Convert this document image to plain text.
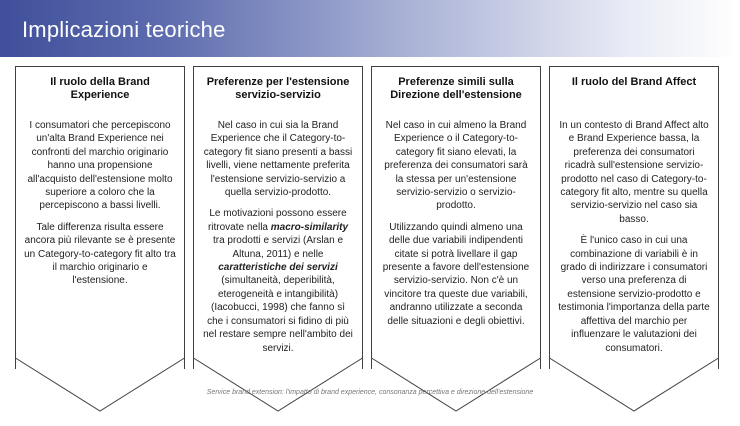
Implicazioni teoriche
Il ruolo della Brand Experience

I consumatori che percepiscono un'alta Brand Experience nei confronti del marchio originario hanno una propensione all'acquisto dell'estensione molto superiore a coloro che la percepiscono a bassi livelli.

Tale differenza risulta essere ancora più rilevante se è presente un Category-to-category fit alto tra il marchio originario e l'estensione.

Preferenze per l'estensione servizio-servizio

Nel caso in cui sia la Brand Experience che il Category-to-category fit siano presenti a bassi livelli, viene nettamente preferita l'estensione servizio-servizio a quella servizio-prodotto.

Le motivazioni possono essere ritrovate nella macro-similarity tra prodotti e servizi (Arslan e Altuna, 2011) e nelle caratteristiche dei servizi (simultaneità, deperibilità, eterogeneità e intangibilità) (Iacobucci, 1998) che fanno sì che i consumatori si fidino di più nel restare sempre nell'ambito dei servizi.

Preferenze simili sulla Direzione dell'estensione

Nel caso in cui almeno la Brand Experience o il Category-to-category fit siano elevati, la preferenza dei consumatori sarà la stessa per un'estensione servizio-servizio o servizio-prodotto.

Utilizzando quindi almeno una delle due variabili indipendenti citate si potrà livellare il gap presente a favore dell'estensione servizio-servizio. Non c'è un vincitore tra queste due variabili, andranno utilizzate a seconda delle situazioni e degli obiettivi.

Il ruolo del Brand Affect

In un contesto di Brand Affect alto e Brand Experience bassa, la preferenza dei consumatori ricadrà sull'estensione servizio-prodotto nel caso di Category-to-category fit alto, mentre su quella servizio-servizio nel caso sia basso.

È l'unico caso in cui una combinazione di variabili è in grado di indirizzare i consumatori verso una preferenza di estensione servizio-prodotto e testimonia l'importanza della parte affettiva del marchio per influenzare le valutazioni dei consumatori.

Service brand extension: l'impatto di brand experience, consonanza percettiva e direzione dell'estensione
